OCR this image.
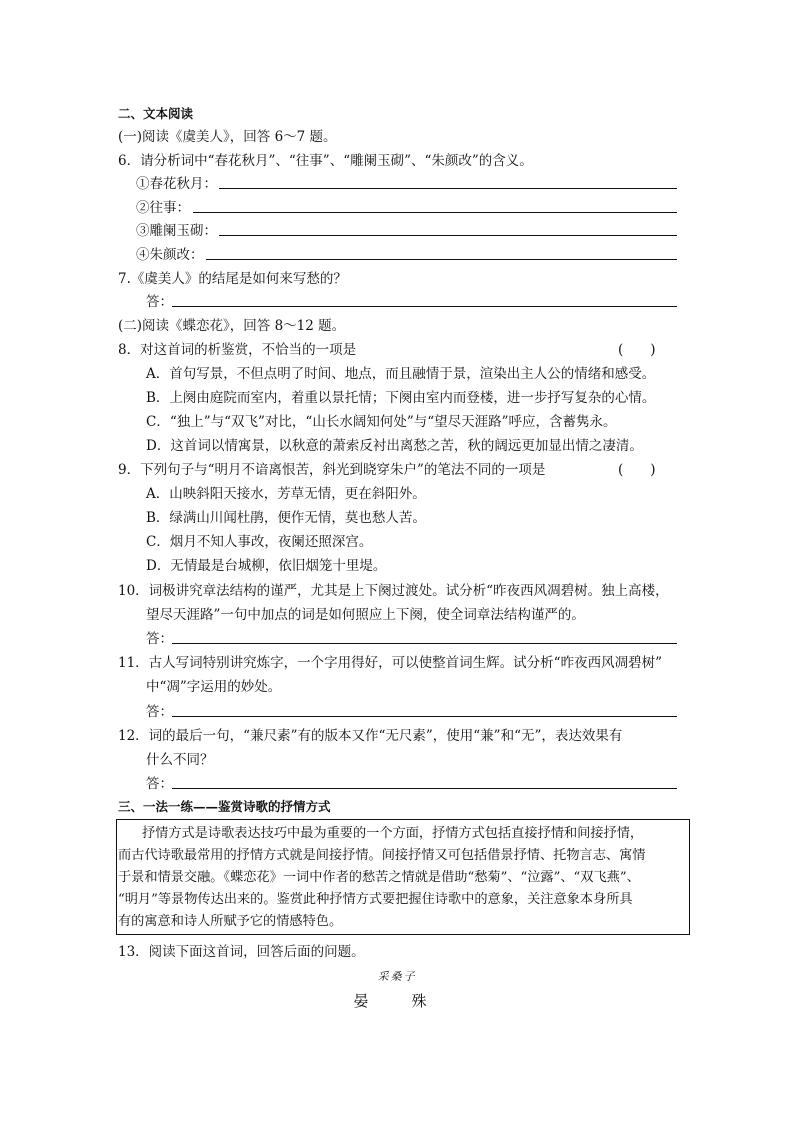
二、文本阅读
(一)阅读《虞美人》，回答 6～7 题。
6．请分析词中“春花秋月”、“往事”、“雕阑玉砌”、“朱颜改”的含义。
①春花秋月：
②往事：
③雕阑玉砌：
④朱颜改：
7.《虞美人》的结尾是如何来写愁的？
答：
(二)阅读《蝶恋花》，回答 8～12 题。
8．对这首词的析鉴赏，不恰当的一项是	(　　)
A．首句写景，不但点明了时间、地点，而且融情于景，渲染出主人公的情绪和感受。
B．上阕由庭院而室内，着重以景托情；下阕由室内而登楼，进一步抒写复杂的心情。
C．“独上”与“双飞”对比，“山长水阔知何处”与“望尽天涯路”呼应，含蓄隽永。
D．这首词以情寓景，以秋意的萧索反衬出离愁之苦，秋的阔远更加显出情之凄清。
9．下列句子与“明月不谙离恨苦，斜光到晓穿朱户”的笔法不同的一项是	(　　)
A．山映斜阳天接水，芳草无情，更在斜阳外。
B．绿满山川闻杜鹃，便作无情，莫也愁人苦。
C．烟月不知人事改，夜阑还照深宫。
D．无情最是台城柳，依旧烟笼十里堤。
10．词极讲究章法结构的谨严，尤其是上下阕过渡处。试分析“昨夜西风凋碧树。独上高楼，
望尽天涯路”一句中加点的词是如何照应上下阕，使全词章法结构谨严的。
答：
11．古人写词特别讲究炼字，一个字用得好，可以使整首词生辉。试分析“昨夜西风凋碧树”
中“凋”字运用的妙处。
答：
12．词的最后一句，“兼尺素”有的版本又作“无尺素”，使用“兼”和“无”，表达效果有
什么不同？
答：
三、一法一练——鉴赏诗歌的抒情方式
抒情方式是诗歌表达技巧中最为重要的一个方面，抒情方式包括直接抒情和间接抒情，
而古代诗歌最常用的抒情方式就是间接抒情。间接抒情又可包括借景抒情、托物言志、寓情
于景和情景交融。《蝶恋花》一词中作者的愁苦之情就是借助“愁菊”、“泣露”、“双飞燕”、
“明月”等景物传达出来的。鉴赏此种抒情方式要把握住诗歌中的意象，关注意象本身所具
有的寓意和诗人所赋予它的情感特色。
13．阅读下面这首词，回答后面的问题。
采桑子
晏　殊
